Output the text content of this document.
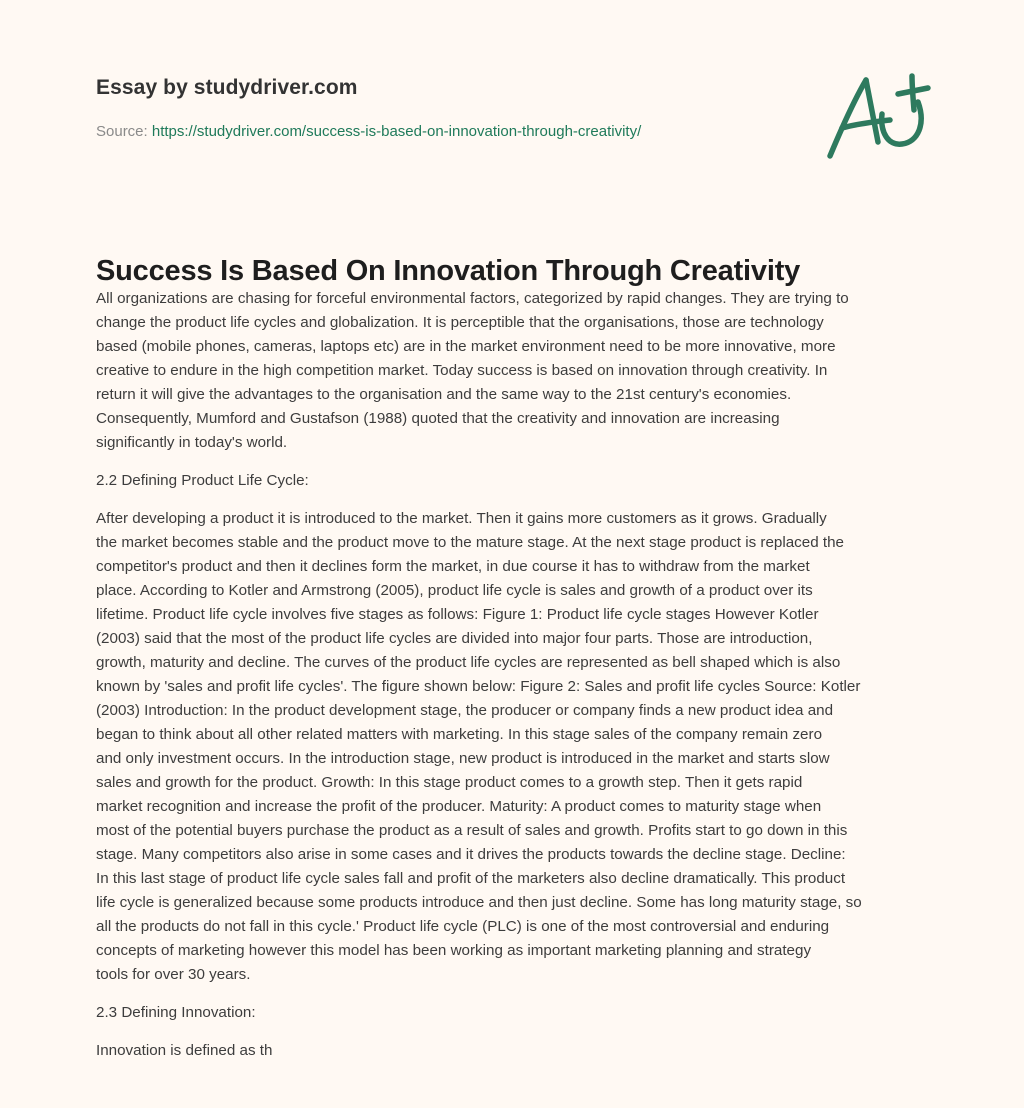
Essay by studydriver.com
Source: https://studydriver.com/success-is-based-on-innovation-through-creativity/
Success Is Based On Innovation Through Creativity

All organizations are chasing for forceful environmental factors, categorized by rapid changes. They are trying to
change the product life cycles and globalization. It is perceptible that the organisations, those are technology
based (mobile phones, cameras, laptops etc) are in the market environment need to be more innovative, more
creative to endure in the high competition market. Today success is based on innovation through creativity. In
return it will give the advantages to the organisation and the same way to the 21st century's economies.
Consequently, Mumford and Gustafson (1988) quoted that the creativity and innovation are increasing
significantly in today's world.

2.2 Defining Product Life Cycle:

After developing a product it is introduced to the market. Then it gains more customers as it grows. Gradually
the market becomes stable and the product move to the mature stage. At the next stage product is replaced the
competitor's product and then it declines form the market, in due course it has to withdraw from the market
place. According to Kotler and Armstrong (2005), product life cycle is sales and growth of a product over its
lifetime. Product life cycle involves five stages as follows: Figure 1: Product life cycle stages However Kotler
(2003) said that the most of the product life cycles are divided into major four parts. Those are introduction,
growth, maturity and decline. The curves of the product life cycles are represented as bell shaped which is also
known by 'sales and profit life cycles'. The figure shown below: Figure 2: Sales and profit life cycles Source: Kotler
(2003) Introduction: In the product development stage, the producer or company finds a new product idea and
began to think about all other related matters with marketing. In this stage sales of the company remain zero
and only investment occurs. In the introduction stage, new product is introduced in the market and starts slow
sales and growth for the product. Growth: In this stage product comes to a growth step. Then it gets rapid
market recognition and increase the profit of the producer. Maturity: A product comes to maturity stage when
most of the potential buyers purchase the product as a result of sales and growth. Profits start to go down in this
stage. Many competitors also arise in some cases and it drives the products towards the decline stage. Decline:
In this last stage of product life cycle sales fall and profit of the marketers also decline dramatically. This product
life cycle is generalized because some products introduce and then just decline. Some has long maturity stage, so
all the products do not fall in this cycle.' Product life cycle (PLC) is one of the most controversial and enduring
concepts of marketing however this model has been working as important marketing planning and strategy
tools for over 30 years.

2.3 Defining Innovation:

Innovation is defined as th
